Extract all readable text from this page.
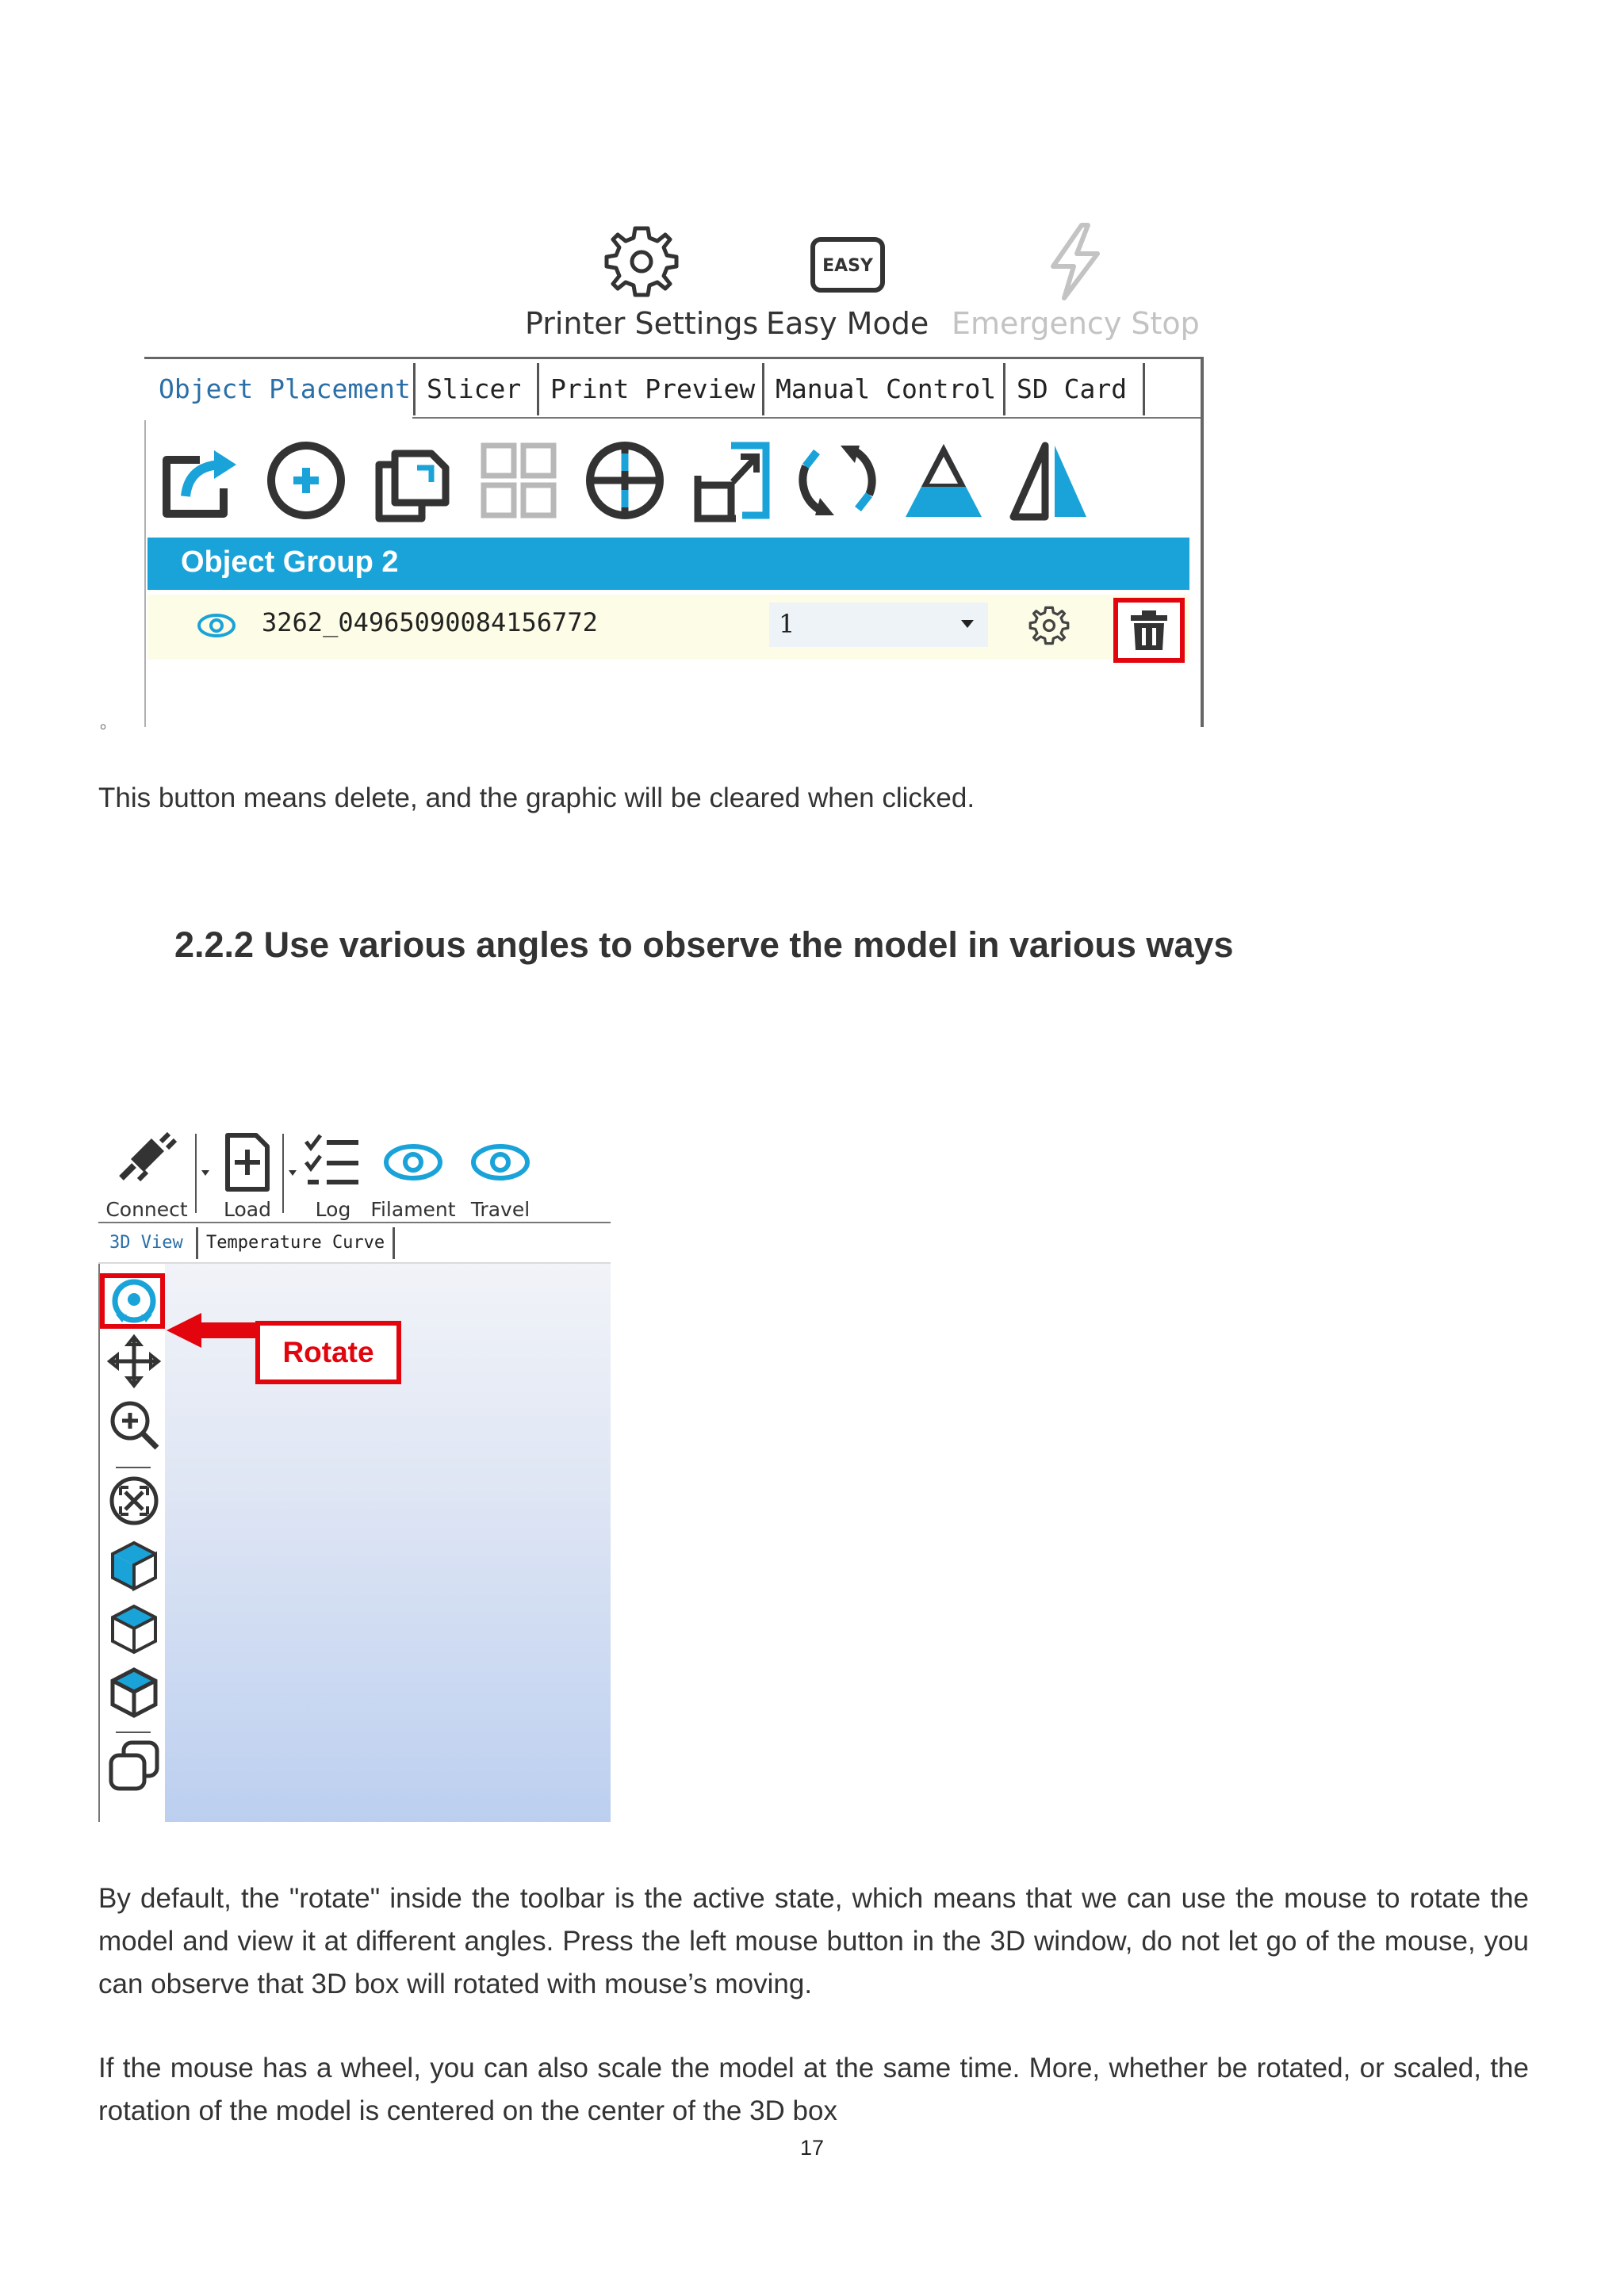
Printer Settings
EASY
Easy Mode Emergency Stop
Object Placement Slicer	Print Preview Manual Control SD Card
Object Group 2
3262_04965090084156772	1
。
This button means delete, and the graphic will be cleared when clicked.
2.2.2 Use various angles to observe the model in various ways
Connect	Load	Log	Filament Travel
3D View	Temperature Curve
Rotate
By default, the "rotate" inside the toolbar is the active state, which means that we can use the mouse to rotate the model and view it at different angles. Press the left mouse button in the 3D window, do not let go of the mouse, you can observe that 3D box will rotated with mouse’s moving.
If the mouse has a wheel, you can also scale the model at the same time. More, whether be rotated, or scaled, the rotation of the model is centered on the center of the 3D box
17
